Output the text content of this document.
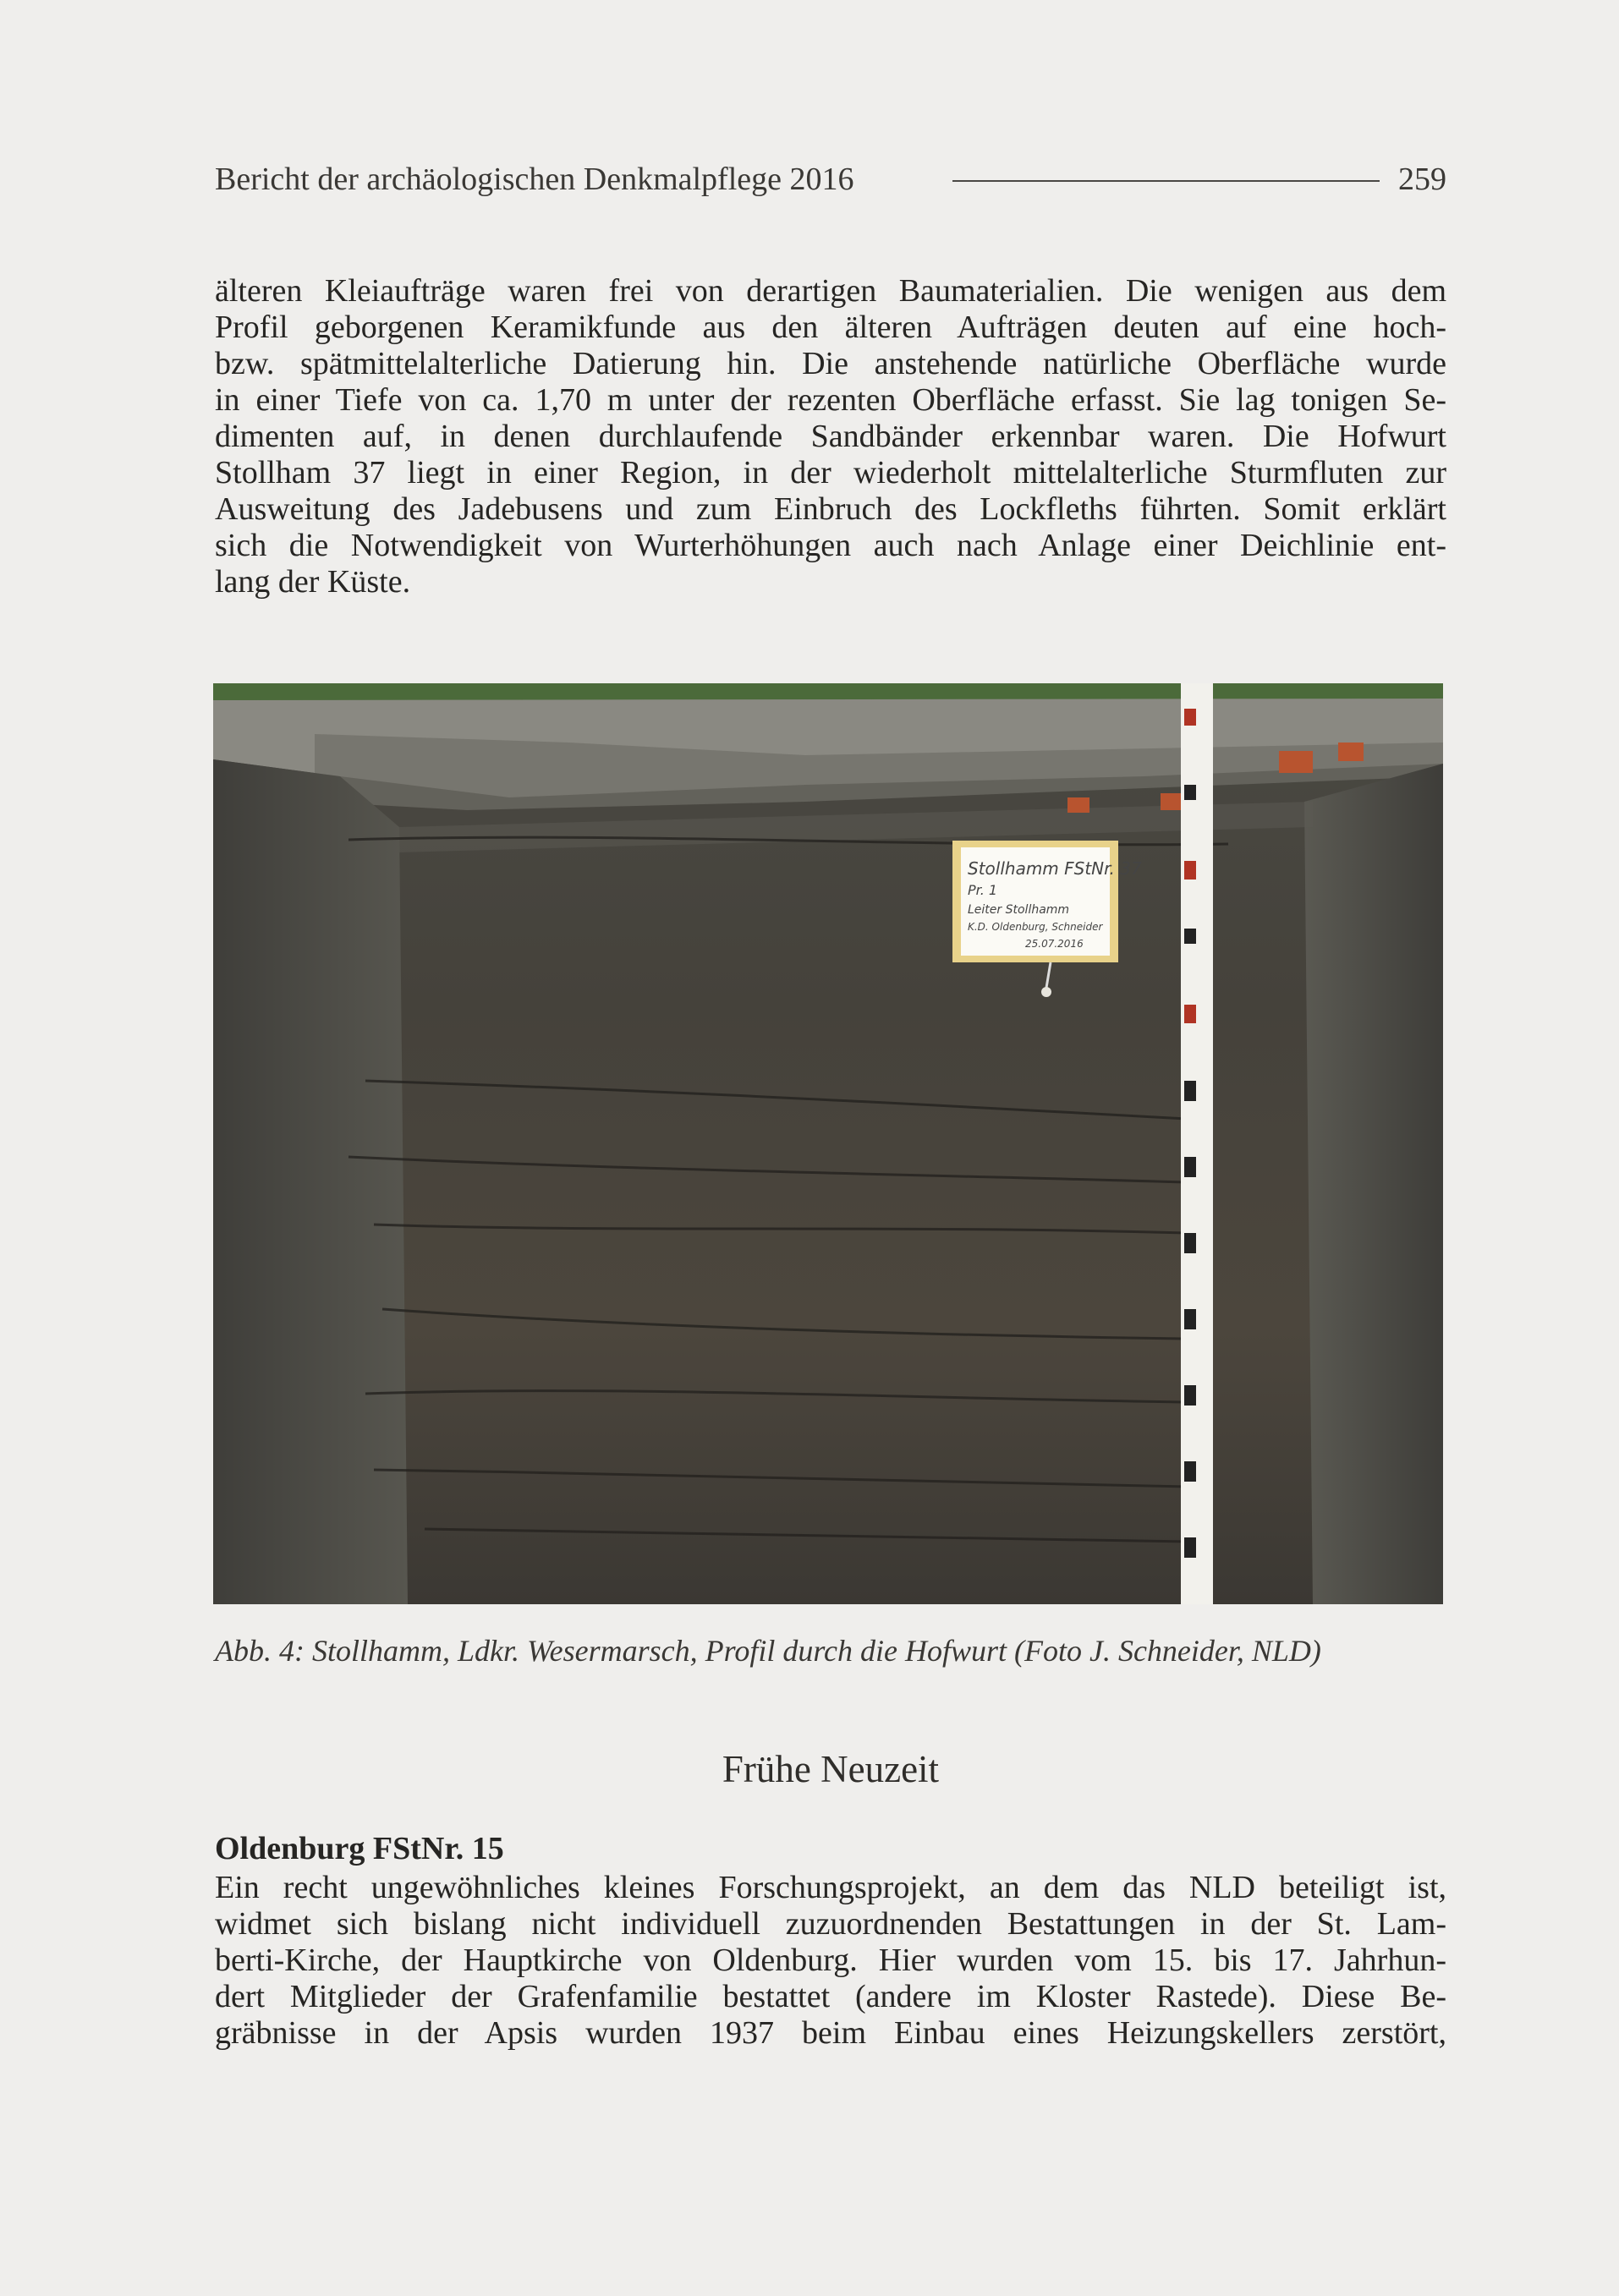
Bericht der archäologischen Denkmalpflege 2016	259
älteren Kleiaufträge waren frei von derartigen Baumaterialien. Die wenigen aus dem
Profil geborgenen Keramikfunde aus den älteren Aufträgen deuten auf eine hoch-
bzw. spätmittelalterliche Datierung hin. Die anstehende natürliche Oberfläche wurde
in einer Tiefe von ca. 1,70 m unter der rezenten Oberfläche erfasst. Sie lag tonigen Se-
dimenten auf, in denen durchlaufende Sandbänder erkennbar waren. Die Hofwurt
Stollham 37 liegt in einer Region, in der wiederholt mittelalterliche Sturmfluten zur
Ausweitung des Jadebusens und zum Einbruch des Lockfleths führten. Somit erklärt
sich die Notwendigkeit von Wurterhöhungen auch nach Anlage einer Deichlinie ent-
lang der Küste.
Stollhamm FStNr. 37
Pr. 1
Leiter Stollhamm
K.D. Oldenburg, Schneider
25.07.2016
Abb. 4: Stollhamm, Ldkr. Wesermarsch, Profil durch die Hofwurt (Foto J. Schneider, NLD)
Frühe Neuzeit
Oldenburg FStNr. 15
Ein recht ungewöhnliches kleines Forschungsprojekt, an dem das NLD beteiligt ist,
widmet sich bislang nicht individuell zuzuordnenden Bestattungen in der St. Lam-
berti-Kirche, der Hauptkirche von Oldenburg. Hier wurden vom 15. bis 17. Jahrhun-
dert Mitglieder der Grafenfamilie bestattet (andere im Kloster Rastede). Diese Be-
gräbnisse in der Apsis wurden 1937 beim Einbau eines Heizungskellers zerstört,
